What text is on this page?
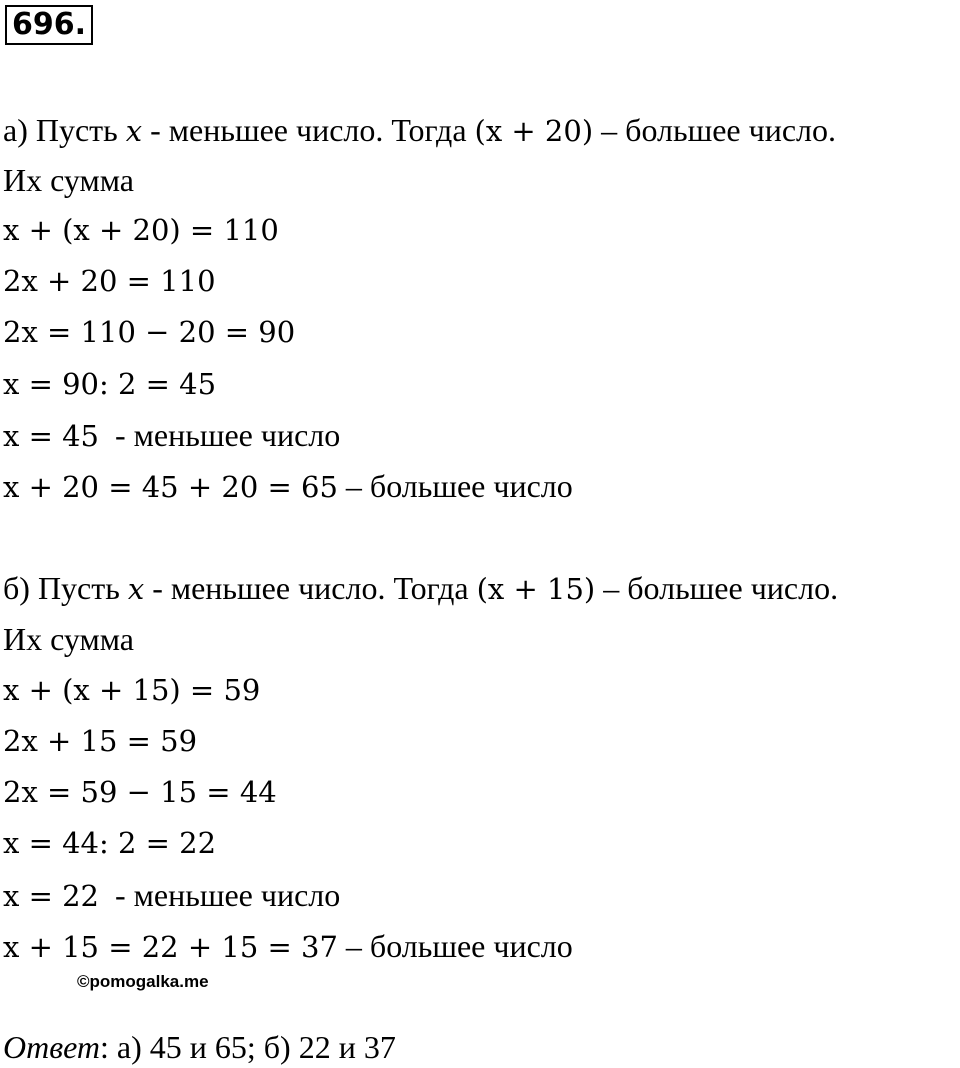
696.
а) Пусть x - меньшее число. Тогда (x + 20) – большее число.
Их сумма
x + (x + 20) = 110
2x + 20 = 110
2x = 110 − 20 = 90
x = 90: 2 = 45
x = 45  - меньшее число
x + 20 = 45 + 20 = 65 – большее число
б) Пусть x - меньшее число. Тогда (x + 15) – большее число.
Их сумма
x + (x + 15) = 59
2x + 15 = 59
2x = 59 − 15 = 44
x = 44: 2 = 22
x = 22  - меньшее число
x + 15 = 22 + 15 = 37 – большее число
©pomogalka.me
Ответ: а) 45 и 65; б) 22 и 37
